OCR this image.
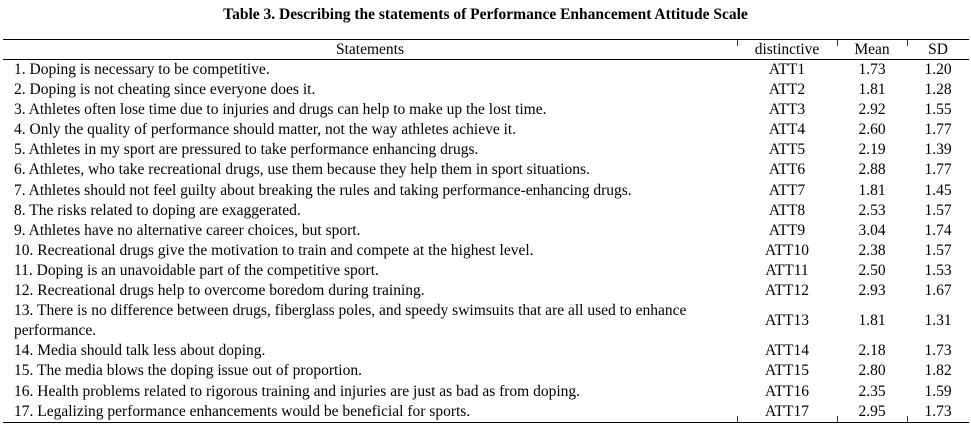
Table 3. Describing the statements of Performance Enhancement Attitude Scale
Statements	distinctive	Mean	SD
1. Doping is necessary to be competitive.	ATT1	1.73	1.20
2. Doping is not cheating since everyone does it.	ATT2	1.81	1.28
3. Athletes often lose time due to injuries and drugs can help to make up the lost time.	ATT3	2.92	1.55
4. Only the quality of performance should matter, not the way athletes achieve it.	ATT4	2.60	1.77
5. Athletes in my sport are pressured to take performance enhancing drugs.	ATT5	2.19	1.39
6. Athletes, who take recreational drugs, use them because they help them in sport situations.	ATT6	2.88	1.77
7. Athletes should not feel guilty about breaking the rules and taking performance-enhancing drugs.	ATT7	1.81	1.45
8. The risks related to doping are exaggerated.	ATT8	2.53	1.57
9. Athletes have no alternative career choices, but sport.	ATT9	3.04	1.74
10. Recreational drugs give the motivation to train and compete at the highest level.	ATT10	2.38	1.57
11. Doping is an unavoidable part of the competitive sport.	ATT11	2.50	1.53
12. Recreational drugs help to overcome boredom during training.	ATT12	2.93	1.67
13. There is no difference between drugs, fiberglass poles, and speedy swimsuits that are all used to enhance performance.	ATT13	1.81	1.31
14. Media should talk less about doping.	ATT14	2.18	1.73
15. The media blows the doping issue out of proportion.	ATT15	2.80	1.82
16. Health problems related to rigorous training and injuries are just as bad as from doping.	ATT16	2.35	1.59
17. Legalizing performance enhancements would be beneficial for sports.	ATT17	2.95	1.73
